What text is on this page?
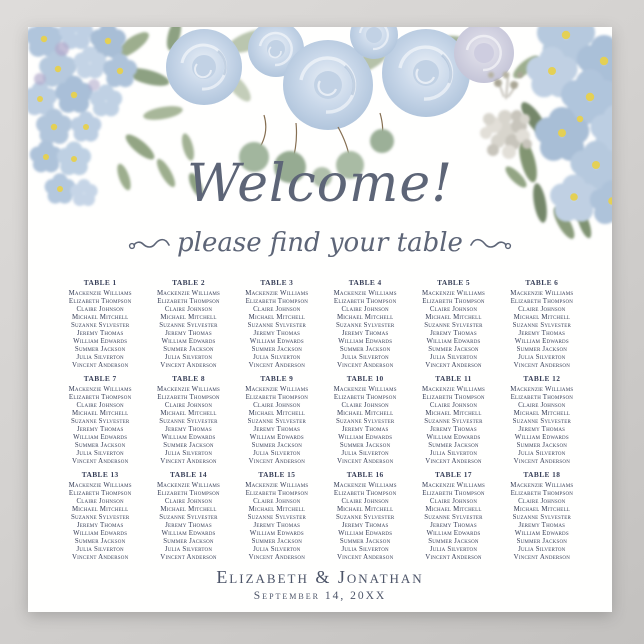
Welcome!
please find your table
TABLE 1
Mackenzie Williams
Elizabeth Thompson
Claire Johnson
Michael Mitchell
Suzanne Sylvester
Jeremy Thomas
William Edwards
Summer Jackson
Julia Silverton
Vincent Anderson
TABLE 2
Mackenzie Williams
Elizabeth Thompson
Claire Johnson
Michael Mitchell
Suzanne Sylvester
Jeremy Thomas
William Edwards
Summer Jackson
Julia Silverton
Vincent Anderson
TABLE 3
Mackenzie Williams
Elizabeth Thompson
Claire Johnson
Michael Mitchell
Suzanne Sylvester
Jeremy Thomas
William Edwards
Summer Jackson
Julia Silverton
Vincent Anderson
TABLE 4
Mackenzie Williams
Elizabeth Thompson
Claire Johnson
Michael Mitchell
Suzanne Sylvester
Jeremy Thomas
William Edwards
Summer Jackson
Julia Silverton
Vincent Anderson
TABLE 5
Mackenzie Williams
Elizabeth Thompson
Claire Johnson
Michael Mitchell
Suzanne Sylvester
Jeremy Thomas
William Edwards
Summer Jackson
Julia Silverton
Vincent Anderson
TABLE 6
Mackenzie Williams
Elizabeth Thompson
Claire Johnson
Michael Mitchell
Suzanne Sylvester
Jeremy Thomas
William Edwards
Summer Jackson
Julia Silverton
Vincent Anderson
TABLE 7
Mackenzie Williams
Elizabeth Thompson
Claire Johnson
Michael Mitchell
Suzanne Sylvester
Jeremy Thomas
William Edwards
Summer Jackson
Julia Silverton
Vincent Anderson
TABLE 8
Mackenzie Williams
Elizabeth Thompson
Claire Johnson
Michael Mitchell
Suzanne Sylvester
Jeremy Thomas
William Edwards
Summer Jackson
Julia Silverton
Vincent Anderson
TABLE 9
Mackenzie Williams
Elizabeth Thompson
Claire Johnson
Michael Mitchell
Suzanne Sylvester
Jeremy Thomas
William Edwards
Summer Jackson
Julia Silverton
Vincent Anderson
TABLE 10
Mackenzie Williams
Elizabeth Thompson
Claire Johnson
Michael Mitchell
Suzanne Sylvester
Jeremy Thomas
William Edwards
Summer Jackson
Julia Silverton
Vincent Anderson
TABLE 11
Mackenzie Williams
Elizabeth Thompson
Claire Johnson
Michael Mitchell
Suzanne Sylvester
Jeremy Thomas
William Edwards
Summer Jackson
Julia Silverton
Vincent Anderson
TABLE 12
Mackenzie Williams
Elizabeth Thompson
Claire Johnson
Michael Mitchell
Suzanne Sylvester
Jeremy Thomas
William Edwards
Summer Jackson
Julia Silverton
Vincent Anderson
TABLE 13
Mackenzie Williams
Elizabeth Thompson
Claire Johnson
Michael Mitchell
Suzanne Sylvester
Jeremy Thomas
William Edwards
Summer Jackson
Julia Silverton
Vincent Anderson
TABLE 14
Mackenzie Williams
Elizabeth Thompson
Claire Johnson
Michael Mitchell
Suzanne Sylvester
Jeremy Thomas
William Edwards
Summer Jackson
Julia Silverton
Vincent Anderson
TABLE 15
Mackenzie Williams
Elizabeth Thompson
Claire Johnson
Michael Mitchell
Suzanne Sylvester
Jeremy Thomas
William Edwards
Summer Jackson
Julia Silverton
Vincent Anderson
TABLE 16
Mackenzie Williams
Elizabeth Thompson
Claire Johnson
Michael Mitchell
Suzanne Sylvester
Jeremy Thomas
William Edwards
Summer Jackson
Julia Silverton
Vincent Anderson
TABLE 17
Mackenzie Williams
Elizabeth Thompson
Claire Johnson
Michael Mitchell
Suzanne Sylvester
Jeremy Thomas
William Edwards
Summer Jackson
Julia Silverton
Vincent Anderson
TABLE 18
Mackenzie Williams
Elizabeth Thompson
Claire Johnson
Michael Mitchell
Suzanne Sylvester
Jeremy Thomas
William Edwards
Summer Jackson
Julia Silverton
Vincent Anderson
Elizabeth & Jonathan
September 14, 20XX
